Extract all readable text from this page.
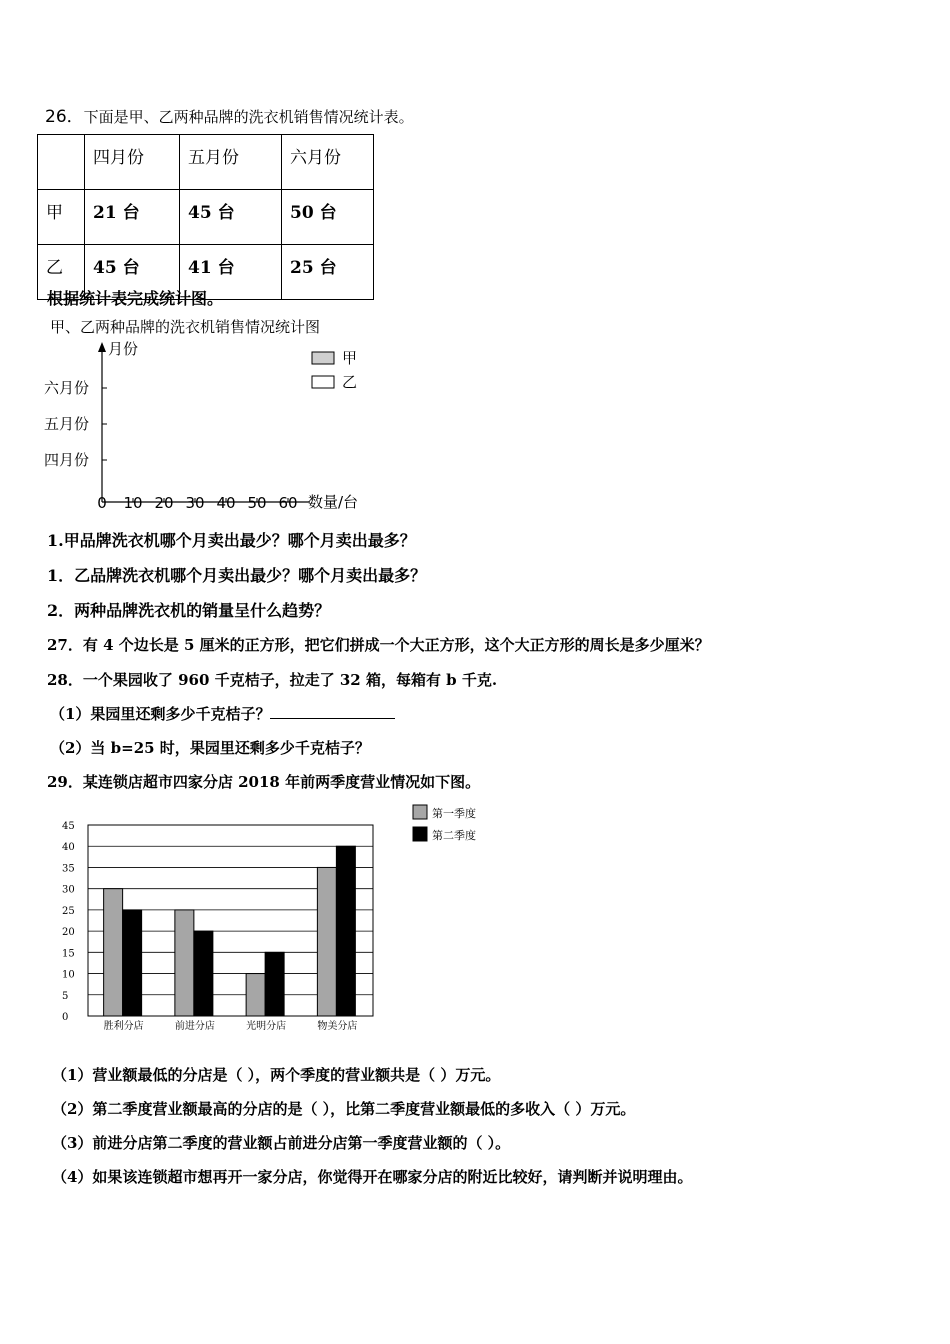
26．下面是甲、乙两种品牌的洗衣机销售情况统计表。
	四月份	五月份	六月份
甲	21 台	45 台	50 台
乙	45 台	41 台	25 台
根据统计表完成统计图。
甲、乙两种品牌的洗衣机销售情况统计图
月份
数量/台
四月份
五月份
六月份
0 10 20 30 40 50 60
甲
乙
1.甲品牌洗衣机哪个月卖出最少？哪个月卖出最多？
1．乙品牌洗衣机哪个月卖出最少？哪个月卖出最多？
2．两种品牌洗衣机的销量呈什么趋势？
27．有 4 个边长是 5 厘米的正方形，把它们拼成一个大正方形，这个大正方形的周长是多少厘米？
28．一个果园收了 960 千克桔子，拉走了 32 箱，每箱有 b 千克.
（1）果园里还剩多少千克桔子？
（2）当 b=25 时，果园里还剩多少千克桔子？
29．某连锁店超市四家分店 2018 年前两季度营业情况如下图。
0
5
10
15
20
25
30
35
40
45
胜利分店	前进分店	光明分店	物美分店
第一季度
第二季度
（1）营业额最低的分店是（ ），两个季度的营业额共是（ ）万元。
（2）第二季度营业额最高的分店的是（ ），比第二季度营业额最低的多收入（ ）万元。
（3）前进分店第二季度的营业额占前进分店第一季度营业额的（ ）。
（4）如果该连锁超市想再开一家分店，你觉得开在哪家分店的附近比较好，请判断并说明理由。
